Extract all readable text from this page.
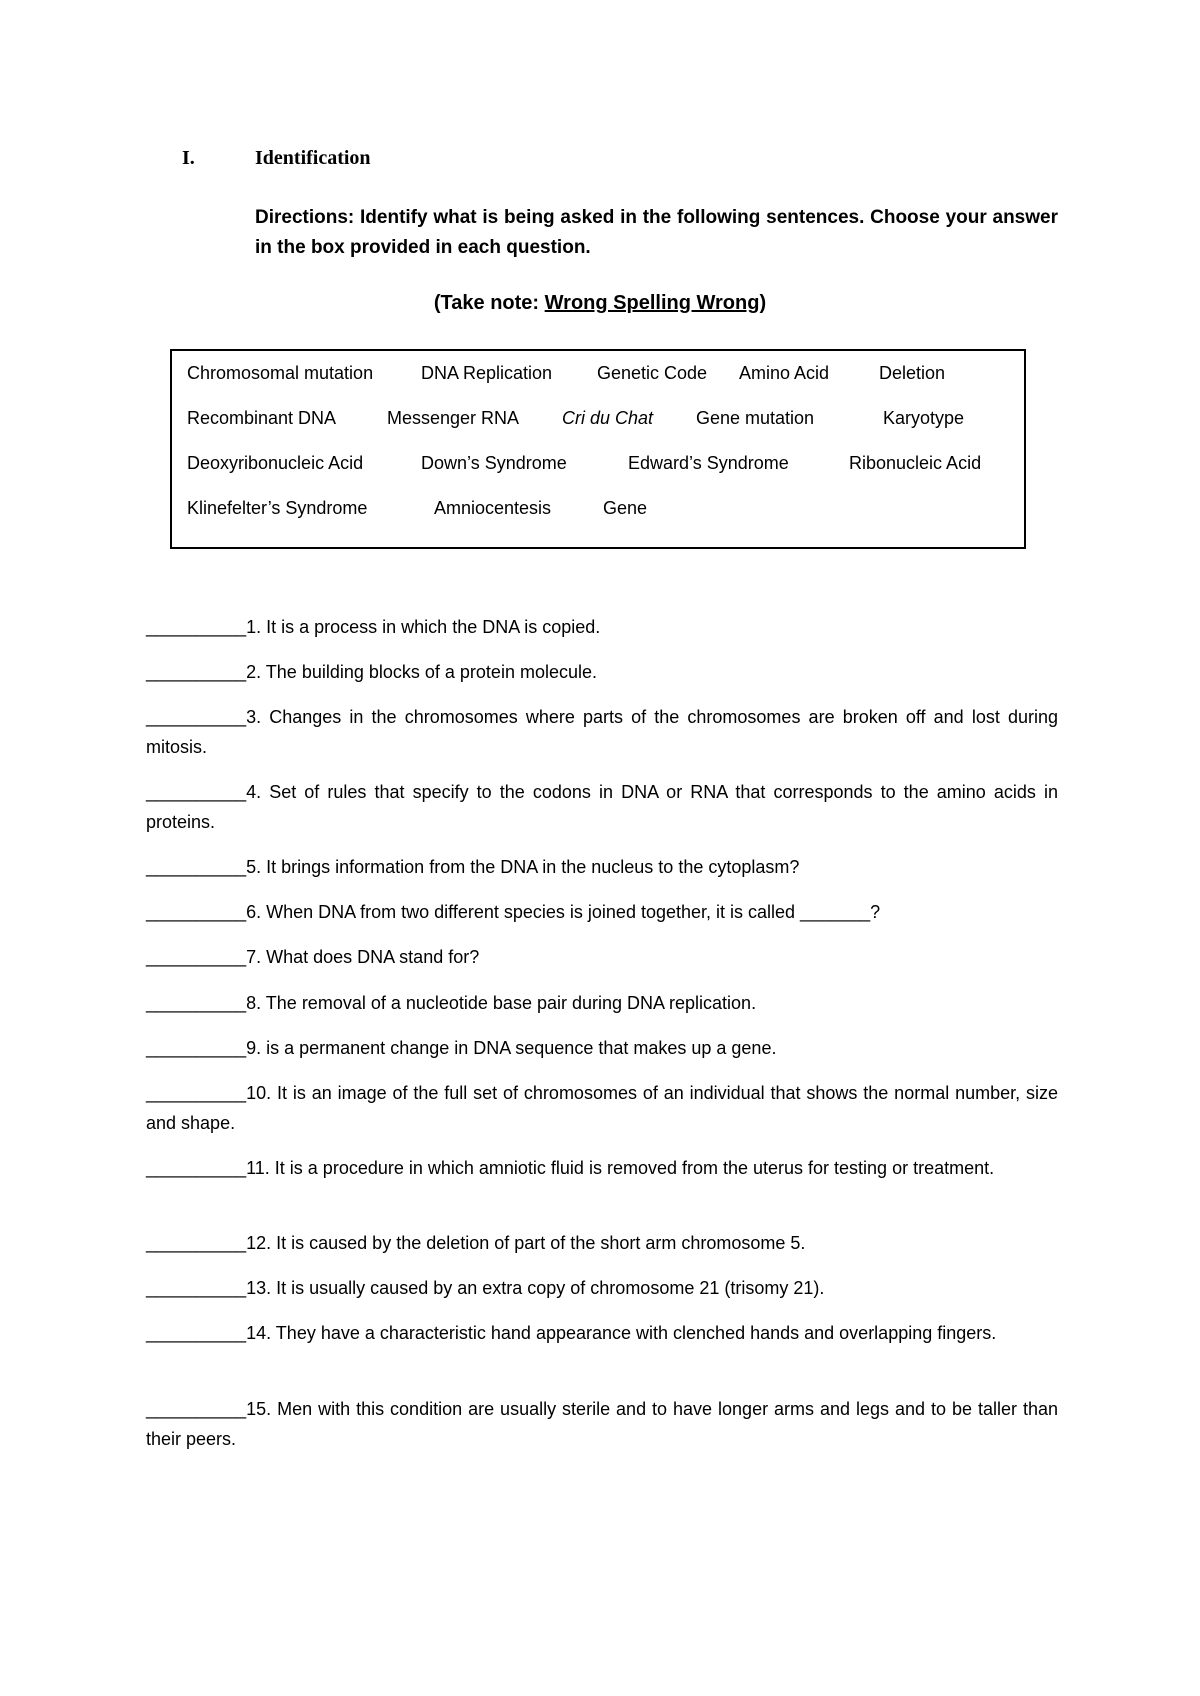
I.	Identification
Directions: Identify what is being asked in the following sentences. Choose your answer in the box provided in each question.
(Take note: Wrong Spelling Wrong)
Chromosomal mutation	DNA Replication Genetic Code Amino Acid	Deletion
Recombinant DNA	Messenger RNA Cri du Chat Gene mutation	Karyotype
Deoxyribonucleic Acid	Down’s Syndrome	Edward’s Syndrome	Ribonucleic Acid
Klinefelter’s Syndrome	Amniocentesis	Gene
__________1. It is a process in which the DNA is copied.
__________2. The building blocks of a protein molecule.
__________3. Changes in the chromosomes where parts of the chromosomes are broken off and lost during mitosis.
__________4. Set of rules that specify to the codons in DNA or RNA that corresponds to the amino acids in proteins.
__________5. It brings information from the DNA in the nucleus to the cytoplasm?
__________6. When DNA from two different species is joined together, it is called _______?
__________7. What does DNA stand for?
__________8. The removal of a nucleotide base pair during DNA replication.
__________9. is a permanent change in DNA sequence that makes up a gene.
__________10. It is an image of the full set of chromosomes of an individual that shows the normal number, size and shape.
__________11. It is a procedure in which amniotic fluid is removed from the uterus for testing or treatment.
__________12. It is caused by the deletion of part of the short arm chromosome 5.
__________13. It is usually caused by an extra copy of chromosome 21 (trisomy 21).
__________14. They have a characteristic hand appearance with clenched hands and overlapping fingers.
__________15. Men with this condition are usually sterile and to have longer arms and legs and to be taller than their peers.
